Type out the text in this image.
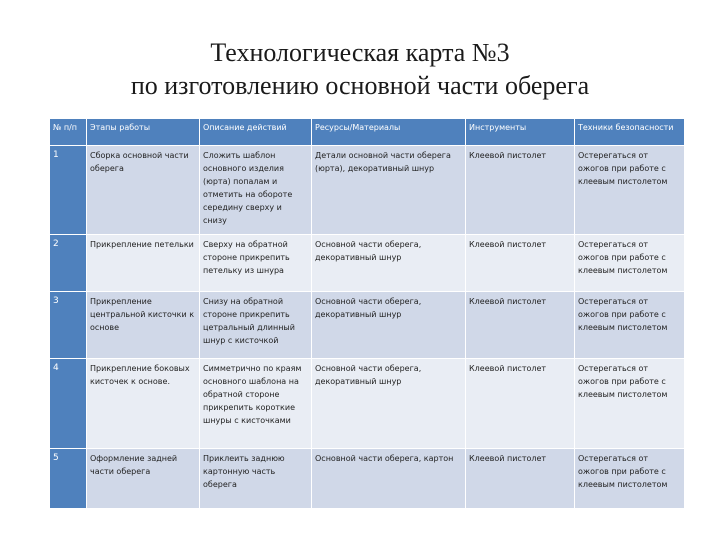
Технологическая карта №3
по изготовлению основной части оберега
№ п/п	Этапы работы	Описание действий	Ресурсы/Материалы	Инструменты	Техники безопасности
1	Сборка основной части оберега	Сложить шаблон основного изделия (юрта) попалам и отметить на обороте середину сверху и снизу	Детали основной части оберега (юрта), декоративный шнур	Клеевой пистолет	Остерегаться от ожогов при работе с клеевым пистолетом
2	Прикрепление петельки	Сверху на обратной стороне прикрепить петельку из шнура	Основной части оберега, декоративный шнур	Клеевой пистолет	Остерегаться от ожогов при работе с клеевым пистолетом
3	Прикрепление центральной кисточки к основе	Снизу на обратной стороне прикрепить цетральный длинный шнур с кисточкой	Основной части оберега, декоративный шнур	Клеевой пистолет	Остерегаться от ожогов при работе с клеевым пистолетом
4	Прикрепление боковых кисточек к основе.	Симметрично по краям основного шаблона на обратной стороне прикрепить короткие шнуры с кисточками	Основной части оберега, декоративный шнур	Клеевой пистолет	Остерегаться от ожогов при работе с клеевым пистолетом
5	Оформление задней части оберега	Приклеить заднюю картонную часть оберега	Основной части оберега, картон	Клеевой пистолет	Остерегаться от ожогов при работе с клеевым пистолетом
